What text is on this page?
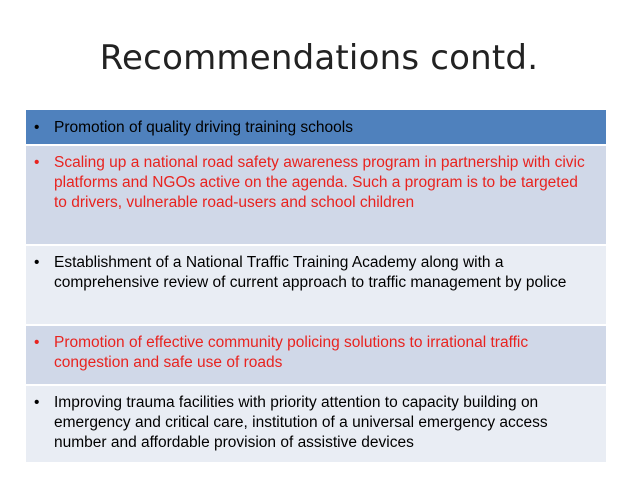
Recommendations contd.
• Promotion of quality driving training schools
• Scaling up a national road safety awareness program in partnership with civic platforms and NGOs active on the agenda. Such a program is to be targeted to drivers, vulnerable road-users and school children
• Establishment of a National Traffic Training Academy along with a comprehensive review of current approach to traffic management by police
• Promotion of effective community policing solutions to irrational traffic congestion and safe use of roads
• Improving trauma facilities with priority attention to capacity building on emergency and critical care, institution of a universal emergency access number and affordable provision of assistive devices
